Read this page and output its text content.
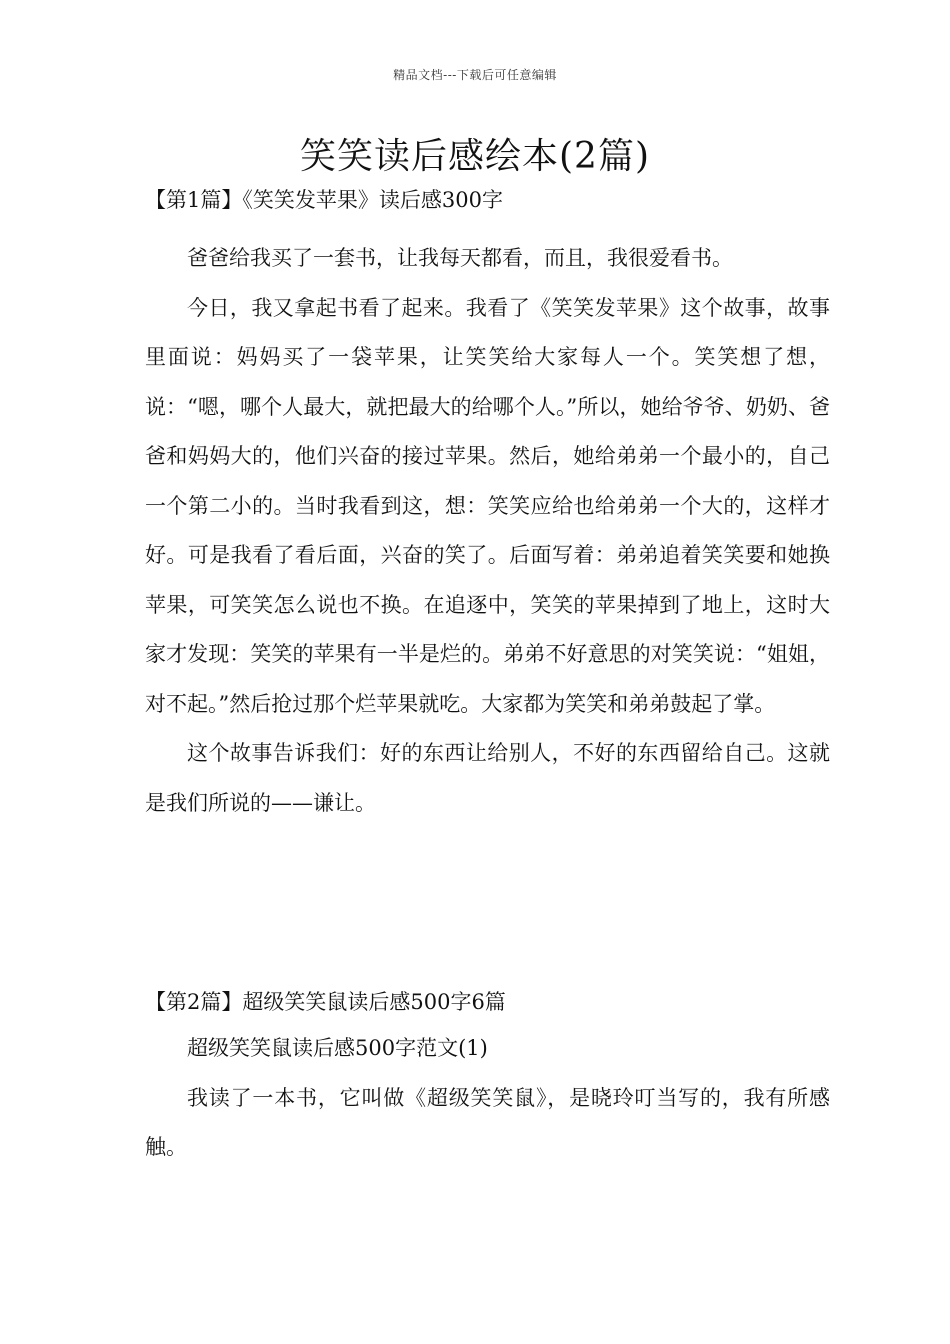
精品文档---下载后可任意编辑
笑笑读后感绘本(2篇)

【第1篇】《笑笑发苹果》读后感300字

爸爸给我买了一套书，让我每天都看，而且，我很爱看书。

今日，我又拿起书看了起来。我看了《笑笑发苹果》这个故事，故事里面说：妈妈买了一袋苹果，让笑笑给大家每人一个。笑笑想了想，说：“嗯，哪个人最大，就把最大的给哪个人。”所以，她给爷爷、奶奶、爸爸和妈妈大的，他们兴奋的接过苹果。然后，她给弟弟一个最小的，自己一个第二小的。当时我看到这，想：笑笑应给也给弟弟一个大的，这样才好。可是我看了看后面，兴奋的笑了。后面写着：弟弟追着笑笑要和她换苹果，可笑笑怎么说也不换。在追逐中，笑笑的苹果掉到了地上，这时大家才发现：笑笑的苹果有一半是烂的。弟弟不好意思的对笑笑说：“姐姐，对不起。”然后抢过那个烂苹果就吃。大家都为笑笑和弟弟鼓起了掌。

这个故事告诉我们：好的东西让给别人，不好的东西留给自己。这就是我们所说的——谦让。

【第2篇】超级笑笑鼠读后感500字6篇

超级笑笑鼠读后感500字范文(1)

我读了一本书，它叫做《超级笑笑鼠》，是晓玲叮当写的，我有所感触。
